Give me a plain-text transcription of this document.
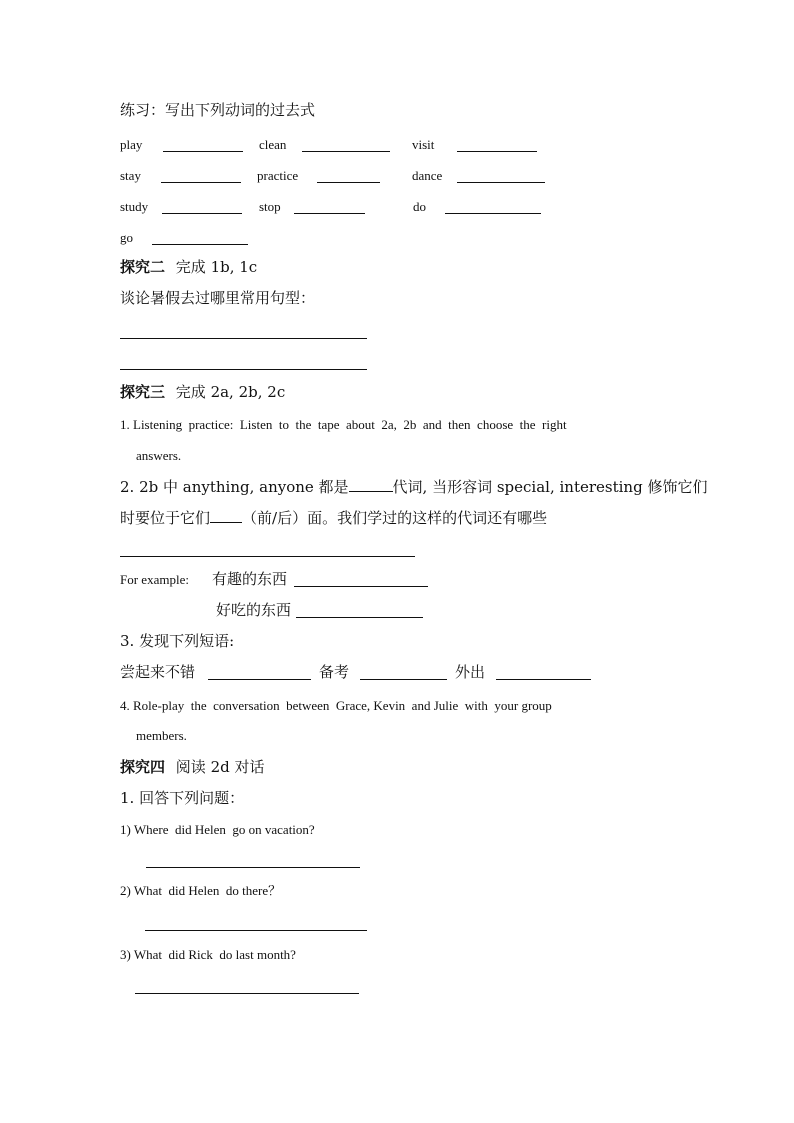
练习：写出下列动词的过去式
play	clean	visit
stay	practice	dance
study	stop	do
go
探究二 完成 1b, 1c
谈论暑假去过哪里常用句型：
探究三 完成 2a, 2b, 2c
1. Listening  practice:  Listen  to  the  tape  about  2a,  2b  and  then  choose  the  right
answers.
2. 2b 中 anything, anyone 都是	代词, 当形容词 special, interesting 修饰它们
时要位于它们 （前/后）面。我们学过的这样的代词还有哪些
For example: 有趣的东西
好吃的东西
3. 发现下列短语:
尝起来不错	备考	外出
4. Role-play  the  conversation  between  Grace, Kevin  and Julie  with  your group
members.
探究四 阅读 2d 对话
1. 回答下列问题：
1) Where  did Helen  go on vacation?
2) What  did Helen  do there？
3) What  did Rick  do last month?
